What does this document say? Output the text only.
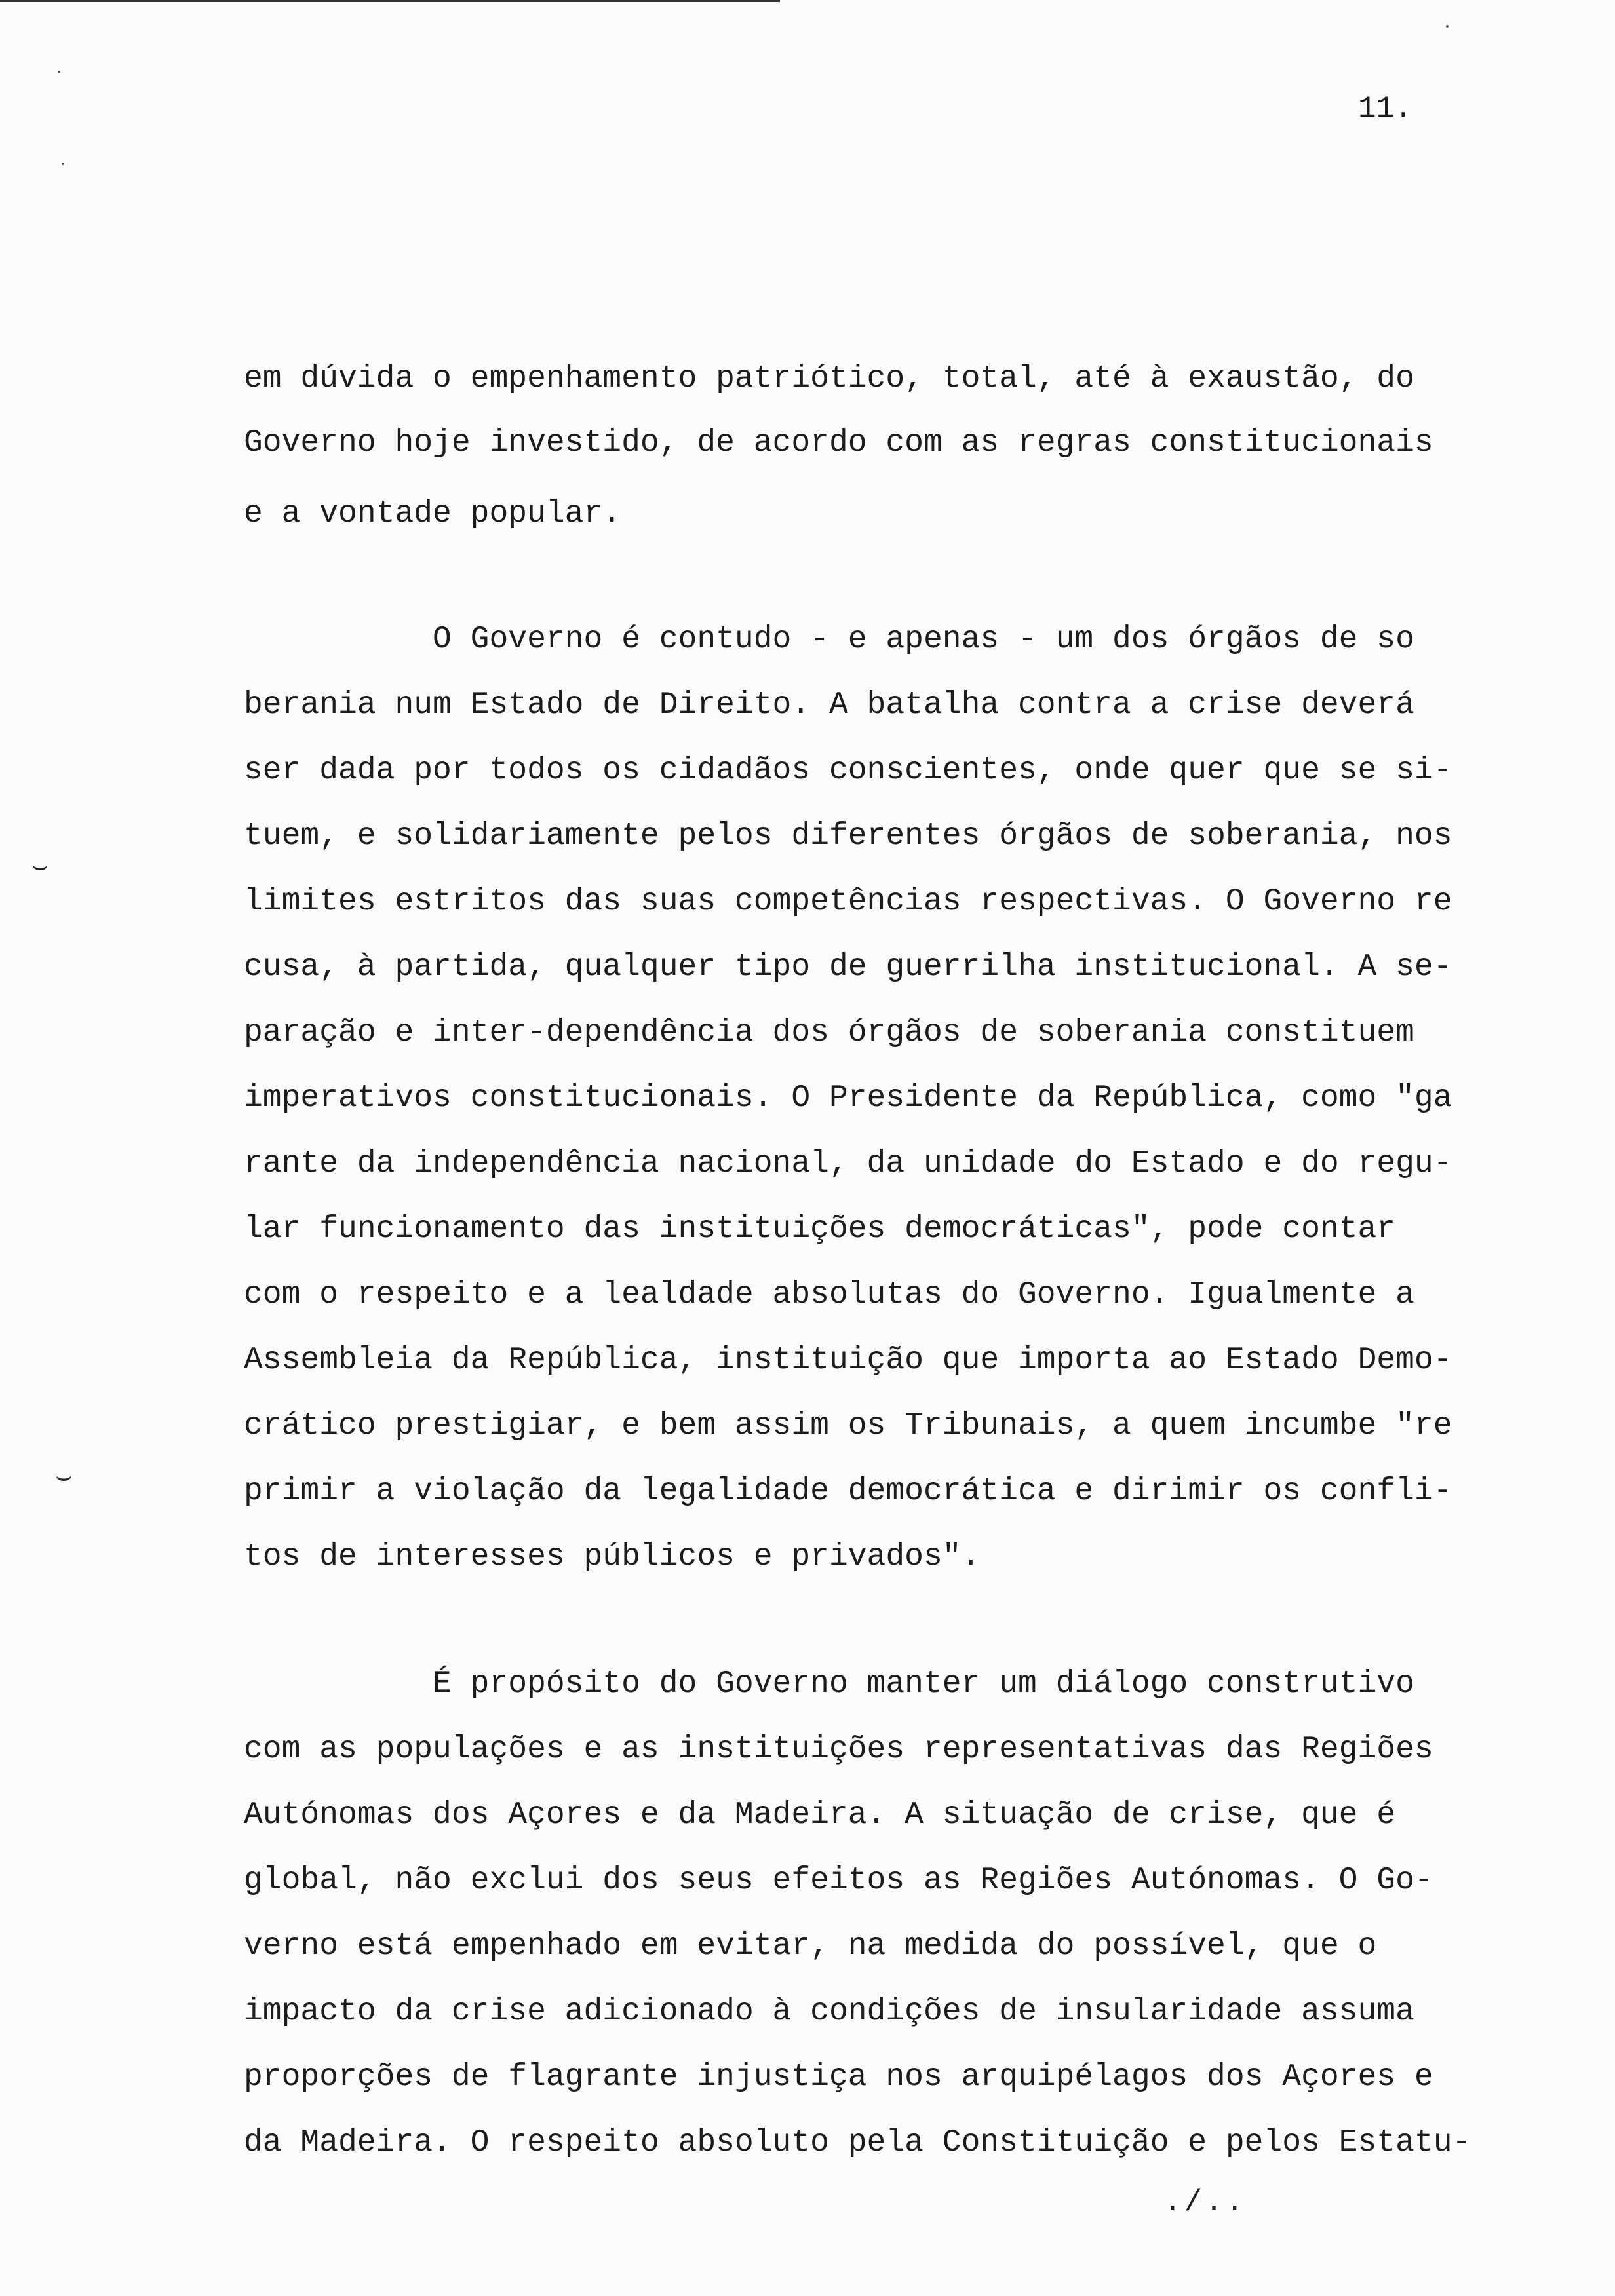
11.
⌣
⌣
em dúvida o empenhamento patriótico, total, até à exaustão, do
Governo hoje investido, de acordo com as regras constitucionais
e a vontade popular.
O Governo é contudo - e apenas - um dos órgãos de so
berania num Estado de Direito. A batalha contra a crise deverá
ser dada por todos os cidadãos conscientes, onde quer que se si-
tuem, e solidariamente pelos diferentes órgãos de soberania, nos
limites estritos das suas competências respectivas. O Governo re
cusa, à partida, qualquer tipo de guerrilha institucional. A se-
paração e inter-dependência dos órgãos de soberania constituem
imperativos constitucionais. O Presidente da República, como "ga
rante da independência nacional, da unidade do Estado e do regu-
lar funcionamento das instituições democráticas", pode contar
com o respeito e a lealdade absolutas do Governo. Igualmente a
Assembleia da República, instituição que importa ao Estado Demo-
crático prestigiar, e bem assim os Tribunais, a quem incumbe "re
primir a violação da legalidade democrática e dirimir os confli-
tos de interesses públicos e privados".
É propósito do Governo manter um diálogo construtivo
com as populações e as instituições representativas das Regiões
Autónomas dos Açores e da Madeira. A situação de crise, que é
global, não exclui dos seus efeitos as Regiões Autónomas. O Go-
verno está empenhado em evitar, na medida do possível, que o
impacto da crise adicionado à condições de insularidade assuma
proporções de flagrante injustiça nos arquipélagos dos Açores e
da Madeira. O respeito absoluto pela Constituição e pelos Estatu-
./..
